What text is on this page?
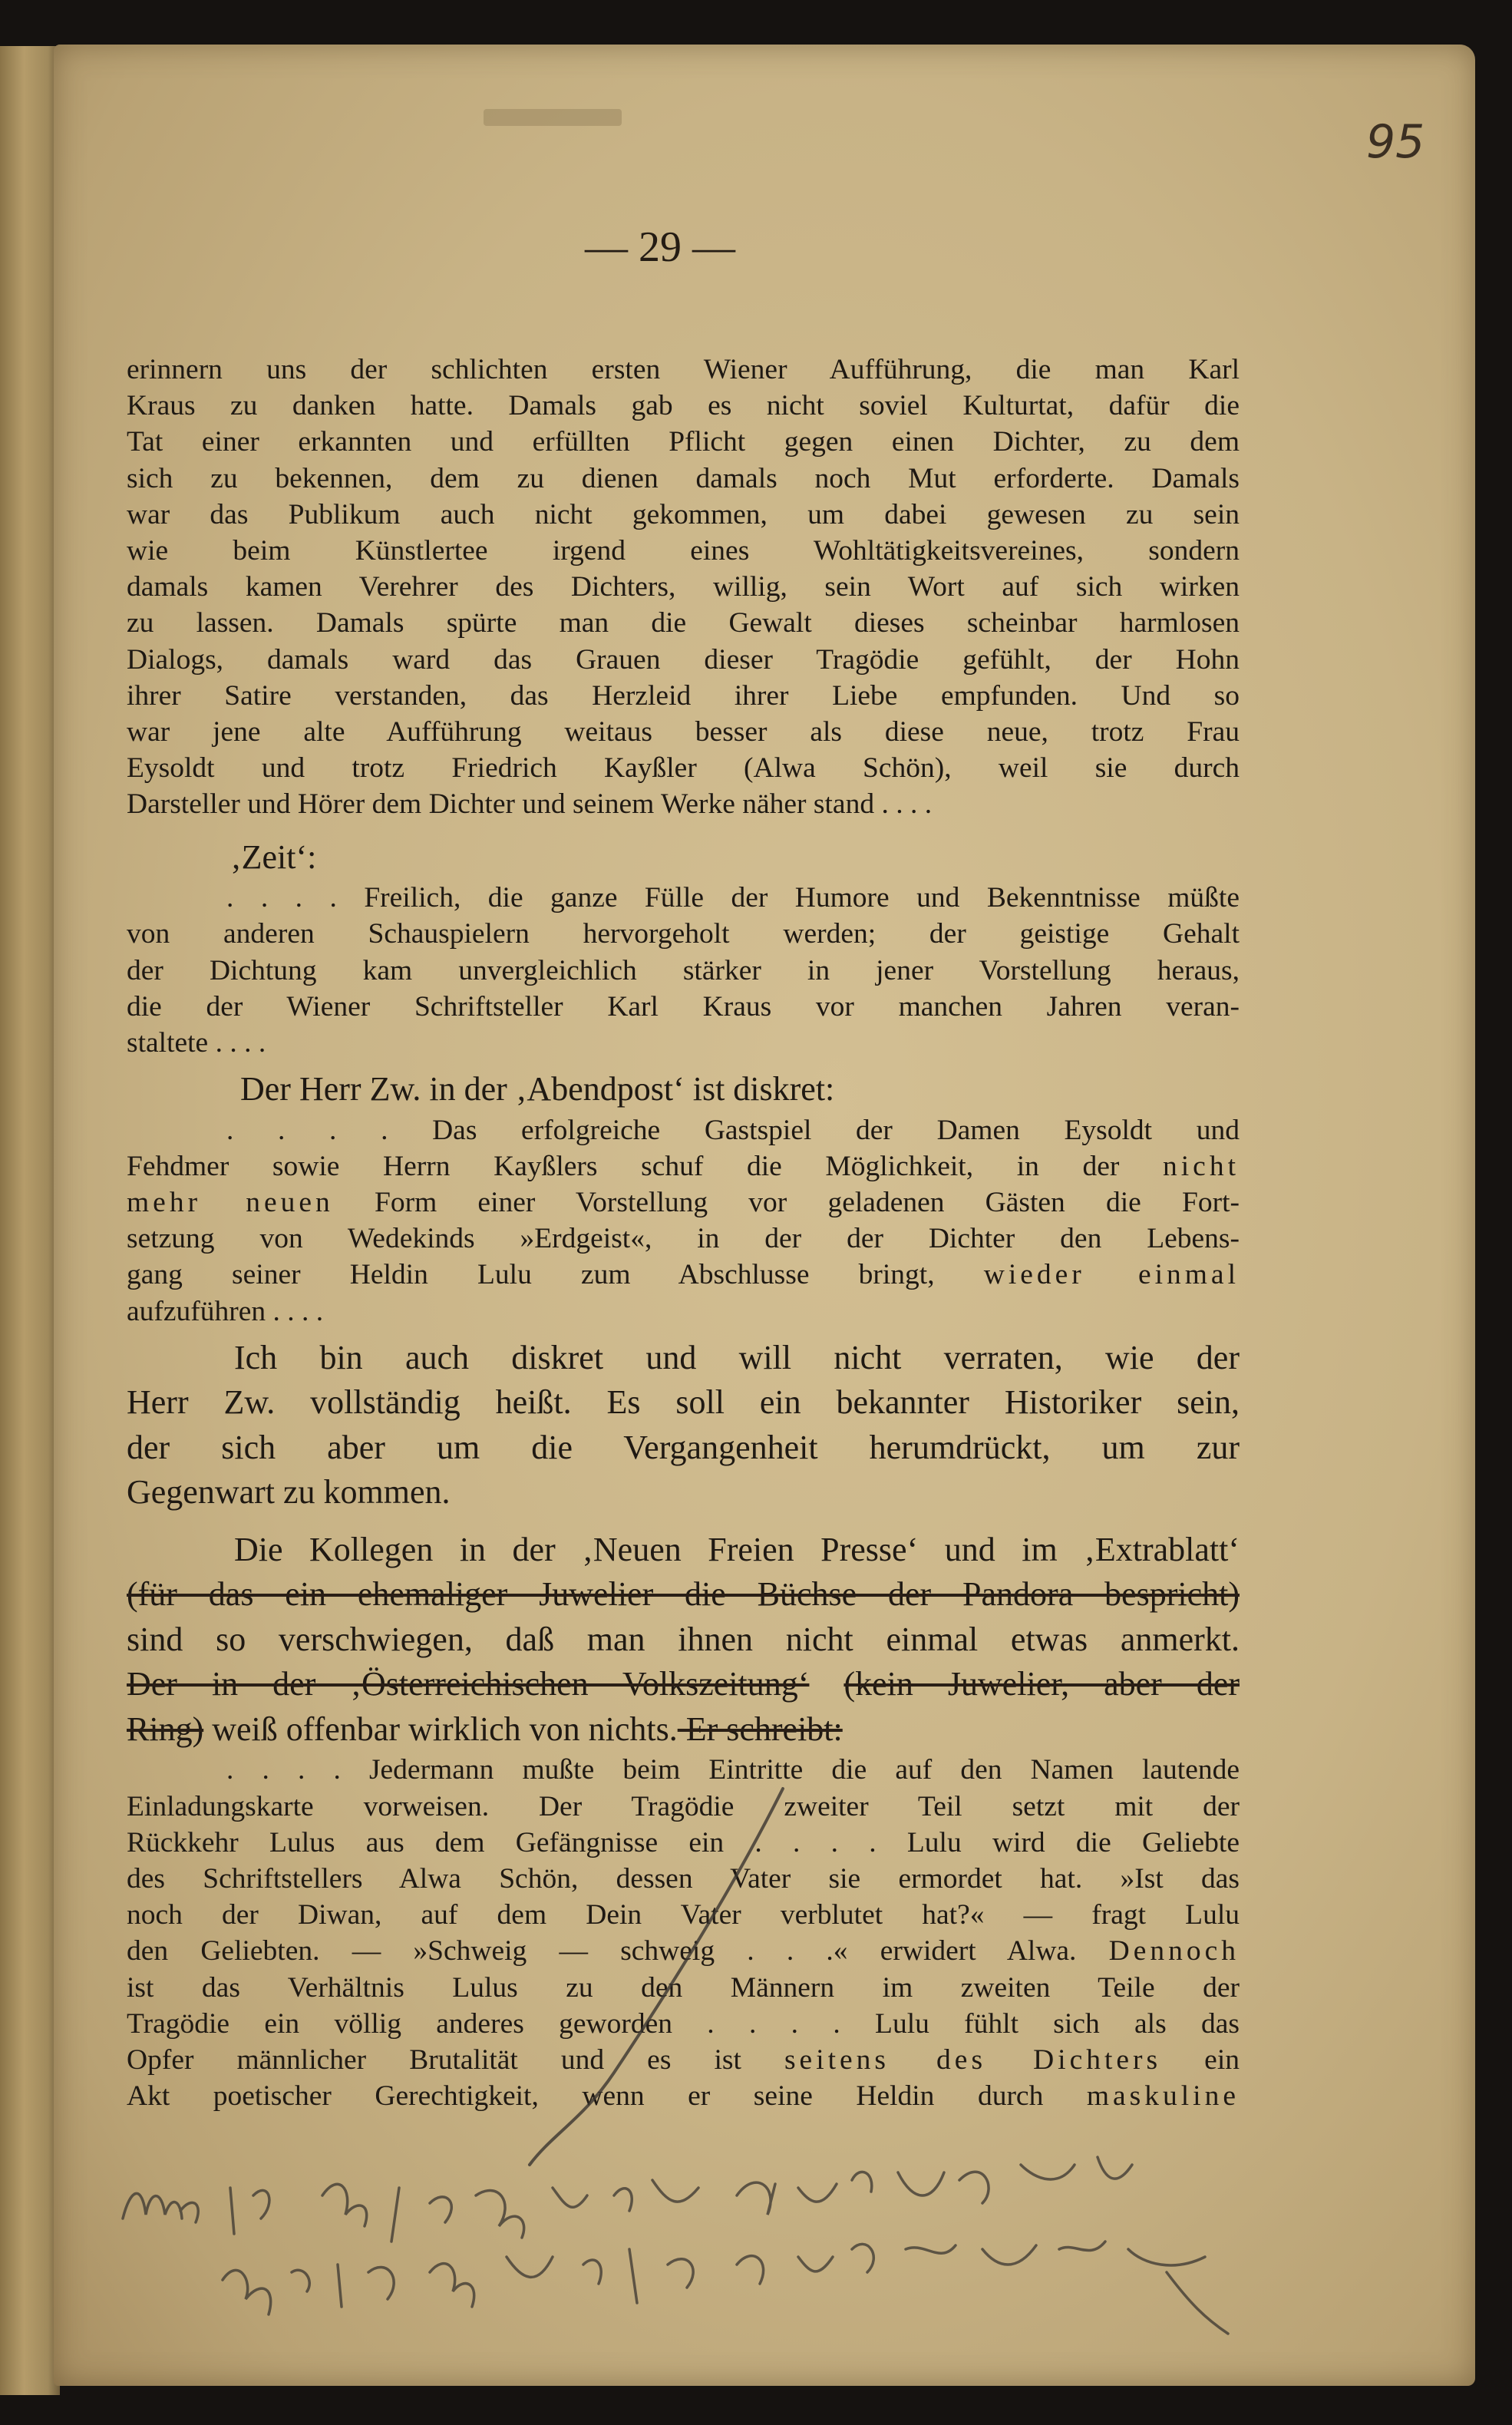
95
— 29 —

erinnern uns der schlichten ersten Wiener Aufführung, die man Karl

Kraus zu danken hatte. Damals gab es nicht soviel Kulturtat, dafür die

Tat einer erkannten und erfüllten Pflicht gegen einen Dichter, zu dem

sich zu bekennen, dem zu dienen damals noch Mut erforderte. Damals

war das Publikum auch nicht gekommen, um dabei gewesen zu sein

wie beim Künstlertee irgend eines Wohltätigkeitsvereines, sondern

damals kamen Verehrer des Dichters, willig, sein Wort auf sich wirken

zu lassen. Damals spürte man die Gewalt dieses scheinbar harmlosen

Dialogs, damals ward das Grauen dieser Tragödie gefühlt, der Hohn

ihrer Satire verstanden, das Herzleid ihrer Liebe empfunden. Und so

war jene alte Aufführung weitaus besser als diese neue, trotz Frau

Eysoldt und trotz Friedrich Kayßler (Alwa Schön), weil sie durch

Darsteller und Hörer dem Dichter und seinem Werke näher stand . . . .

‚Zeit‘:

. . . . Freilich, die ganze Fülle der Humore und Bekenntnisse müßte

von anderen Schauspielern hervorgeholt werden; der geistige Gehalt

der Dichtung kam unvergleichlich stärker in jener Vorstellung heraus,

die der Wiener Schriftsteller Karl Kraus vor manchen Jahren veran-

staltete . . . .

Der Herr Zw. in der ‚Abendpost‘ ist diskret:

. . . . Das erfolgreiche Gastspiel der Damen Eysoldt und

Fehdmer sowie Herrn Kayßlers schuf die Möglichkeit, in der nicht

mehr neuen Form einer Vorstellung vor geladenen Gästen die Fort-

setzung von Wedekinds »Erdgeist«, in der der Dichter den Lebens-

gang seiner Heldin Lulu zum Abschlusse bringt, wieder einmal

aufzuführen . . . .

Ich bin auch diskret und will nicht verraten, wie der

Herr Zw. vollständig heißt. Es soll ein bekannter Historiker sein,

der sich aber um die Vergangenheit herumdrückt, um zur

Gegenwart zu kommen.

Die Kollegen in der ‚Neuen Freien Presse‘ und im ‚Extrablatt‘

(für das ein ehemaliger Juwelier die Büchse der Pandora bespricht)

sind so verschwiegen, daß man ihnen nicht einmal etwas anmerkt.

Der in der ‚Österreichischen Volkszeitung‘ (kein Juwelier, aber der

Ring) weiß offenbar wirklich von nichts. Er schreibt:

. . . . Jedermann mußte beim Eintritte die auf den Namen lautende

Einladungskarte vorweisen. Der Tragödie zweiter Teil setzt mit der

Rückkehr Lulus aus dem Gefängnisse ein . . . . Lulu wird die Geliebte

des Schriftstellers Alwa Schön, dessen Vater sie ermordet hat. »Ist das

noch der Diwan, auf dem Dein Vater verblutet hat?« — fragt Lulu

den Geliebten. — »Schweig — schweig . . .« erwidert Alwa. Dennoch

ist das Verhältnis Lulus zu den Männern im zweiten Teile der

Tragödie ein völlig anderes geworden . . . . Lulu fühlt sich als das

Opfer männlicher Brutalität und es ist seitens des Dichters ein

Akt poetischer Gerechtigkeit, wenn er seine Heldin durch maskuline
